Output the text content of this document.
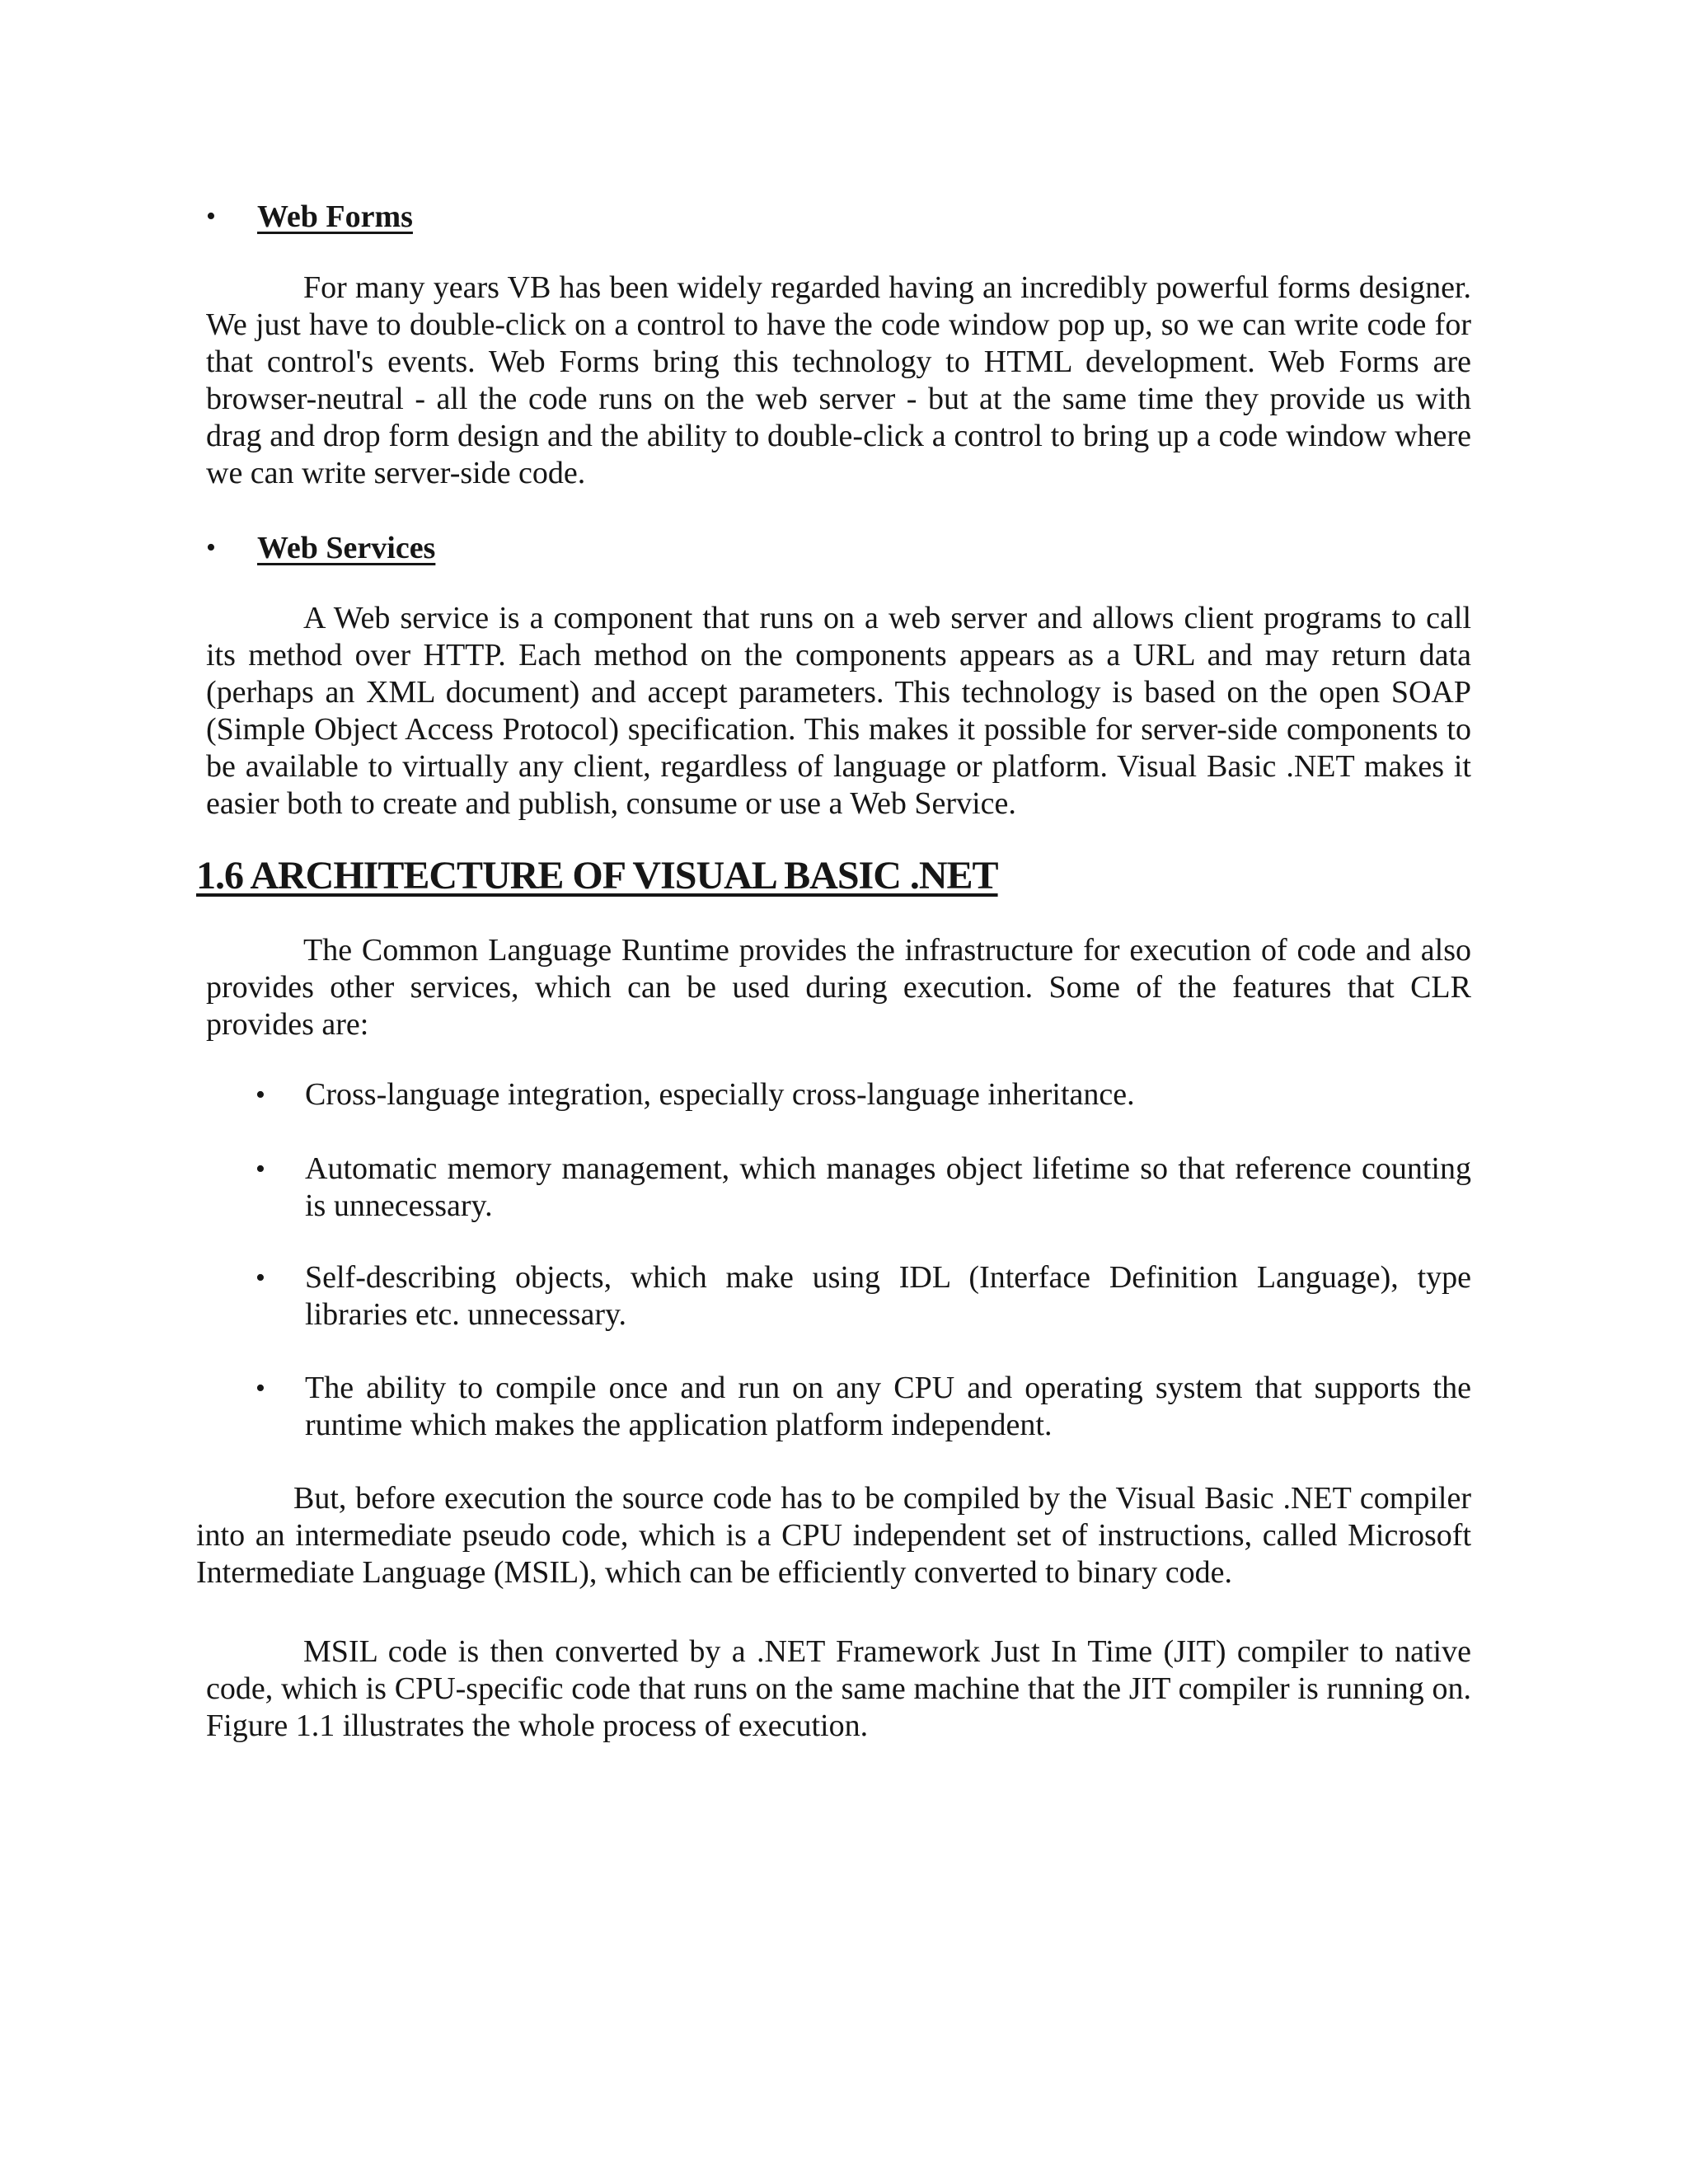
• Web Forms
For many years VB has been widely regarded having an incredibly powerful forms designer. We just have to double-click on a control to have the code window pop up, so we can write code for that control's events. Web Forms bring this technology to HTML development. Web Forms are browser-neutral - all the code runs on the web server - but at the same time they provide us with drag and drop form design and the ability to double-click a control to bring up a code window where we can write server-side code.
• Web Services
A Web service is a component that runs on a web server and allows client programs to call its method over HTTP. Each method on the components appears as a URL and may return data (perhaps an XML document) and accept parameters. This technology is based on the open SOAP (Simple Object Access Protocol) specification. This makes it possible for server-side components to be available to virtually any client, regardless of language or platform. Visual Basic .NET makes it easier both to create and publish, consume or use a Web Service.
1.6 ARCHITECTURE OF VISUAL BASIC .NET
The Common Language Runtime provides the infrastructure for execution of code and also provides other services, which can be used during execution. Some of the features that CLR provides are:
• Cross-language integration, especially cross-language inheritance.
• Automatic memory management, which manages object lifetime so that reference counting is unnecessary.
• Self-describing objects, which make using IDL (Interface Definition Language), type libraries etc. unnecessary.
• The ability to compile once and run on any CPU and operating system that supports the runtime which makes the application platform independent.
But, before execution the source code has to be compiled by the Visual Basic .NET compiler into an intermediate pseudo code, which is a CPU independent set of instructions, called Microsoft Intermediate Language (MSIL), which can be efficiently converted to binary code.
MSIL code is then converted by a .NET Framework Just In Time (JIT) compiler to native code, which is CPU-specific code that runs on the same machine that the JIT compiler is running on. Figure 1.1 illustrates the whole process of execution.
